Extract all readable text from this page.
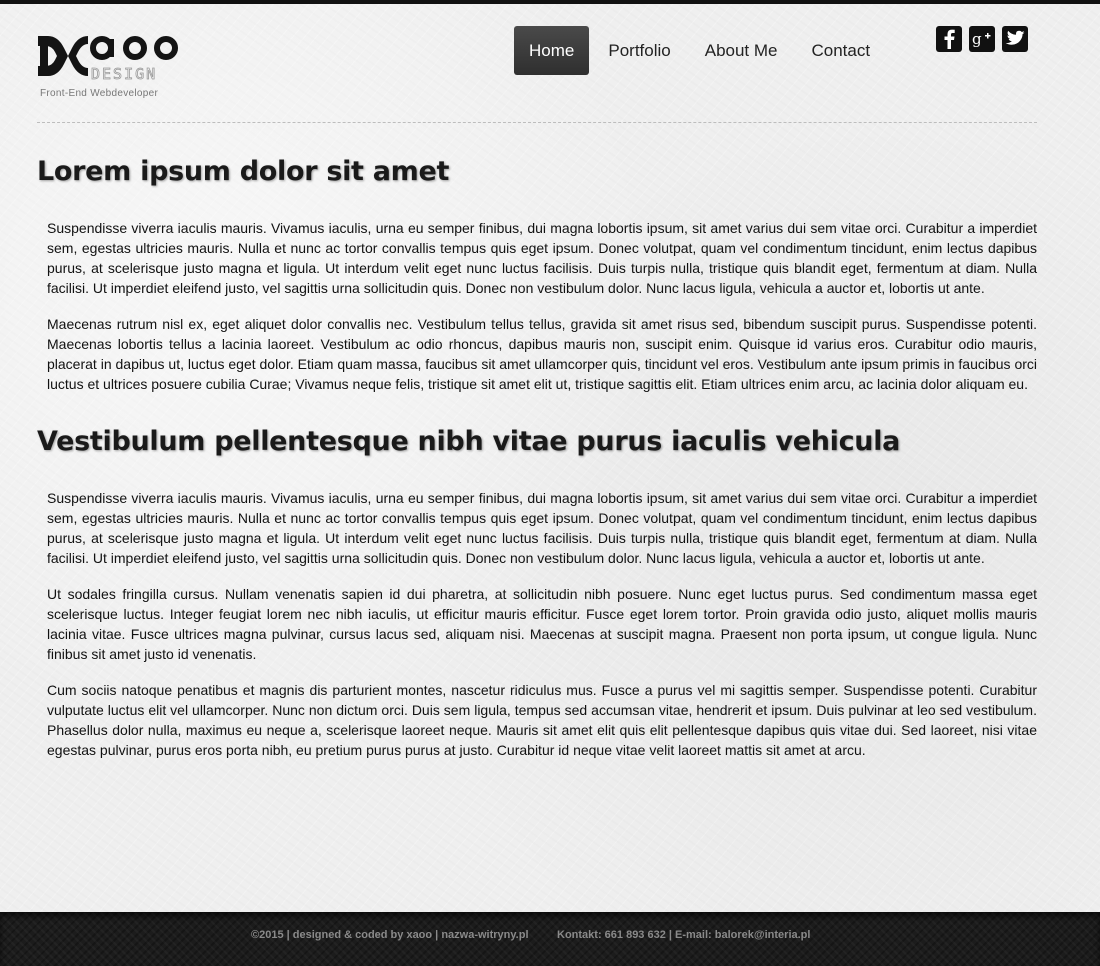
DESIGN
Front-End Webdeveloper
Home	Portfolio	About Me	Contact
g
Lorem ipsum dolor sit amet

Suspendisse viverra iaculis mauris. Vivamus iaculis, urna eu semper finibus, dui magna lobortis ipsum, sit amet varius dui sem vitae orci. Curabitur a imperdiet sem, egestas ultricies mauris. Nulla et nunc ac tortor convallis tempus quis eget ipsum. Donec volutpat, quam vel condimentum tincidunt, enim lectus dapibus purus, at scelerisque justo magna et ligula. Ut interdum velit eget nunc luctus facilisis. Duis turpis nulla, tristique quis blandit eget, fermentum at diam. Nulla facilisi. Ut imperdiet eleifend justo, vel sagittis urna sollicitudin quis. Donec non vestibulum dolor. Nunc lacus ligula, vehicula a auctor et, lobortis ut ante.

Maecenas rutrum nisl ex, eget aliquet dolor convallis nec. Vestibulum tellus tellus, gravida sit amet risus sed, bibendum suscipit purus. Suspendisse potenti. Maecenas lobortis tellus a lacinia laoreet. Vestibulum ac odio rhoncus, dapibus mauris non, suscipit enim. Quisque id varius eros. Curabitur odio mauris, placerat in dapibus ut, luctus eget dolor. Etiam quam massa, faucibus sit amet ullamcorper quis, tincidunt vel eros. Vestibulum ante ipsum primis in faucibus orci luctus et ultrices posuere cubilia Curae; Vivamus neque felis, tristique sit amet elit ut, tristique sagittis elit. Etiam ultrices enim arcu, ac lacinia dolor aliquam eu.

Vestibulum pellentesque nibh vitae purus iaculis vehicula

Suspendisse viverra iaculis mauris. Vivamus iaculis, urna eu semper finibus, dui magna lobortis ipsum, sit amet varius dui sem vitae orci. Curabitur a imperdiet sem, egestas ultricies mauris. Nulla et nunc ac tortor convallis tempus quis eget ipsum. Donec volutpat, quam vel condimentum tincidunt, enim lectus dapibus purus, at scelerisque justo magna et ligula. Ut interdum velit eget nunc luctus facilisis. Duis turpis nulla, tristique quis blandit eget, fermentum at diam. Nulla facilisi. Ut imperdiet eleifend justo, vel sagittis urna sollicitudin quis. Donec non vestibulum dolor. Nunc lacus ligula, vehicula a auctor et, lobortis ut ante.

Ut sodales fringilla cursus. Nullam venenatis sapien id dui pharetra, at sollicitudin nibh posuere. Nunc eget luctus purus. Sed condimentum massa eget scelerisque luctus. Integer feugiat lorem nec nibh iaculis, ut efficitur mauris efficitur. Fusce eget lorem tortor. Proin gravida odio justo, aliquet mollis mauris lacinia vitae. Fusce ultrices magna pulvinar, cursus lacus sed, aliquam nisi. Maecenas at suscipit magna. Praesent non porta ipsum, ut congue ligula. Nunc finibus sit amet justo id venenatis.

Cum sociis natoque penatibus et magnis dis parturient montes, nascetur ridiculus mus. Fusce a purus vel mi sagittis semper. Suspendisse potenti. Curabitur vulputate luctus elit vel ullamcorper. Nunc non dictum orci. Duis sem ligula, tempus sed accumsan vitae, hendrerit et ipsum. Duis pulvinar at leo sed vestibulum. Phasellus dolor nulla, maximus eu neque a, scelerisque laoreet neque. Mauris sit amet elit quis elit pellentesque dapibus quis vitae dui. Sed laoreet, nisi vitae egestas pulvinar, purus eros porta nibh, eu pretium purus purus at justo. Curabitur id neque vitae velit laoreet mattis sit amet at arcu.

©2015 | designed & coded by xaoo | nazwa-witryny.pl	Kontakt: 661 893 632 | E-mail: balorek@interia.pl
